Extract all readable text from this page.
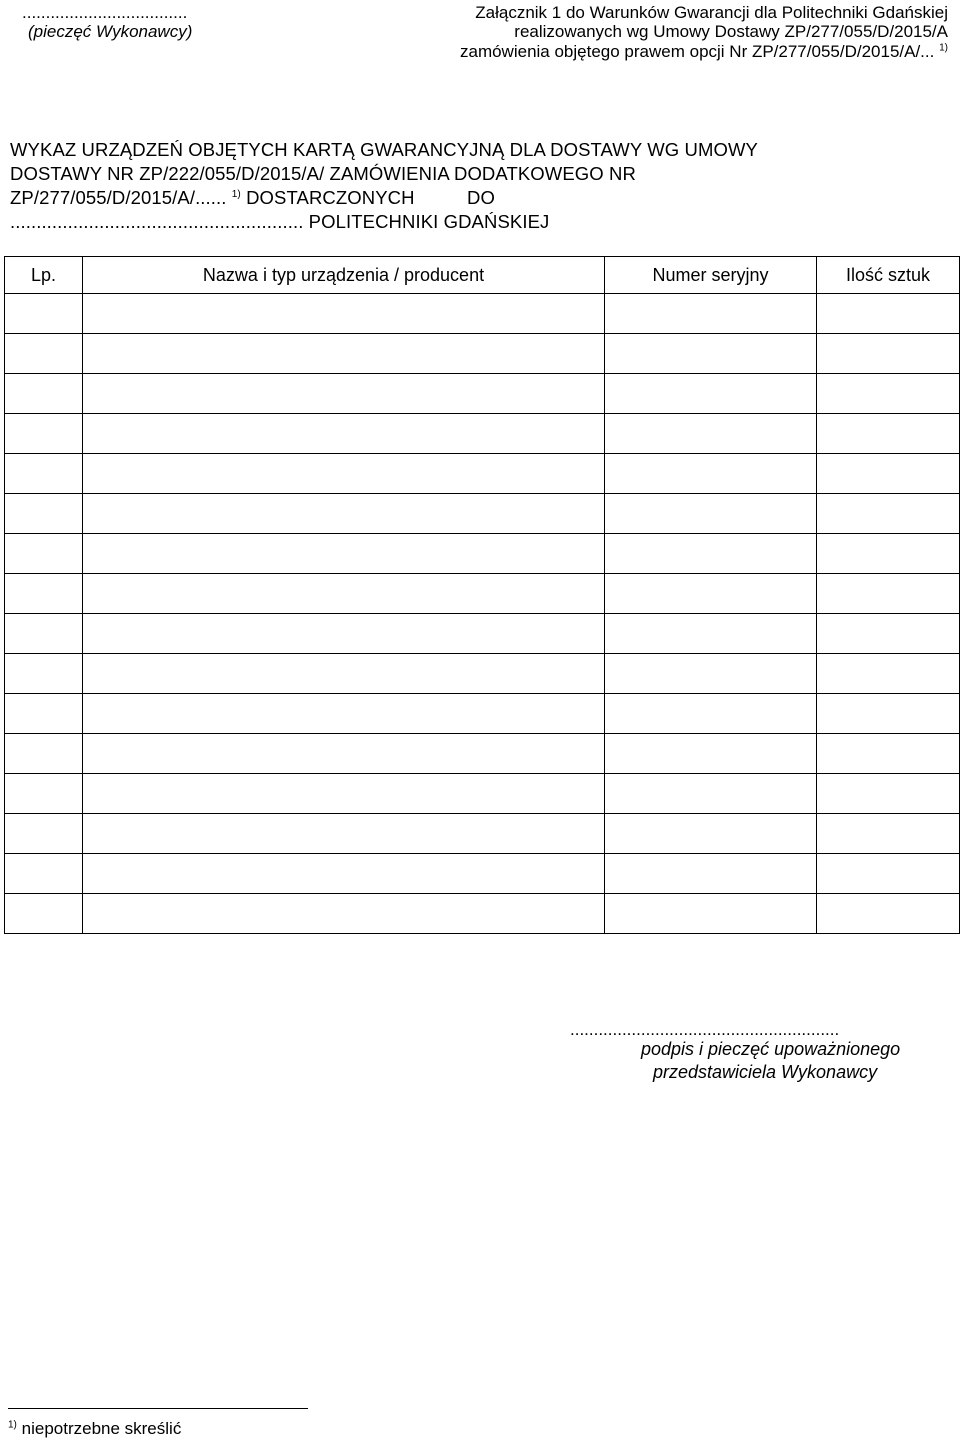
...................................
(pieczęć Wykonawcy)
Załącznik 1 do Warunków Gwarancji dla Politechniki Gdańskiej
realizowanych wg Umowy Dostawy ZP/277/055/D/2015/A
zamówienia objętego prawem opcji Nr ZP/277/055/D/2015/A/... $^{1)}$
WYKAZ URZĄDZEŃ OBJĘTYCH KARTĄ GWARANCYJNĄ DLA DOSTAWY WG UMOWY
DOSTAWY NR ZP/222/055/D/2015/A/ ZAMÓWIENIA DODATKOWEGO NR
ZP/277/055/D/2015/A/...... $^{1)}$ DOSTARCZONYCH          DO
........................................................ POLITECHNIKI GDAŃSKIEJ
Lp.	Nazwa i typ urządzenia / producent	Numer seryjny	Ilość sztuk

.........................................................
podpis i pieczęć upoważnionego
przedstawiciela Wykonawcy
$^{1)}$ niepotrzebne skreślić
